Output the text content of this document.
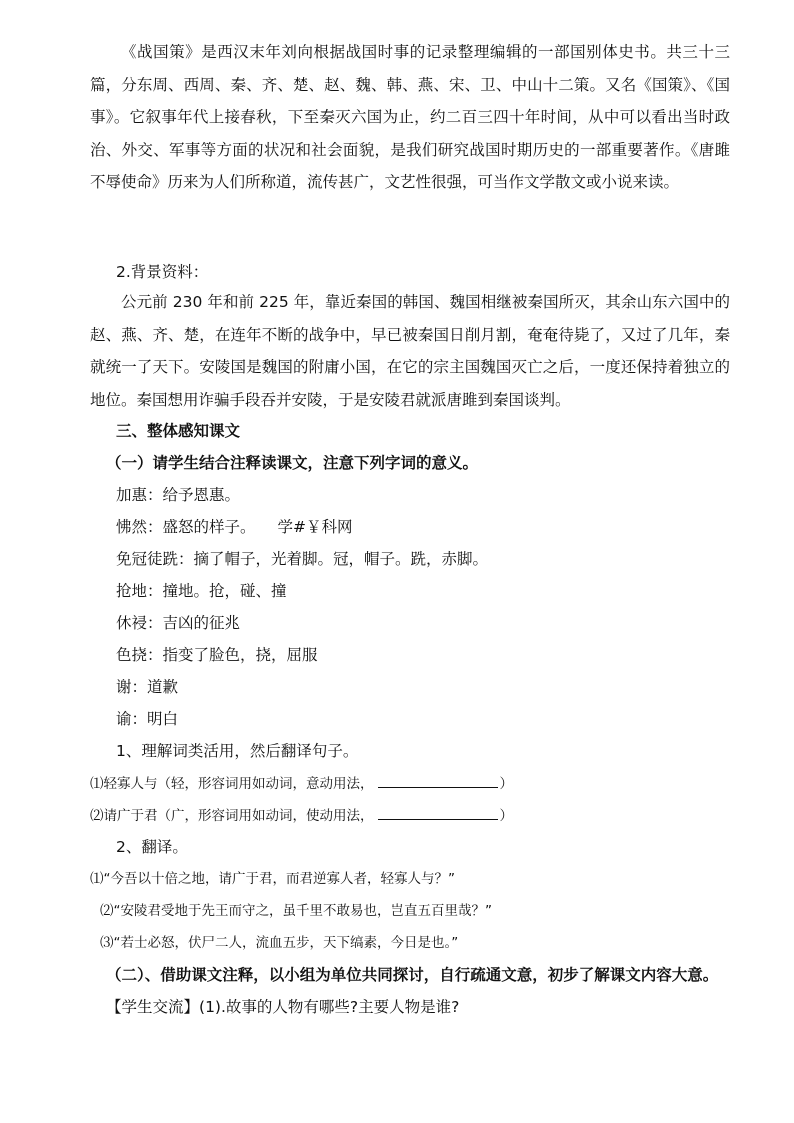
《战国策》是西汉末年刘向根据战国时事的记录整理编辑的一部国别体史书。共三十三篇，分东周、西周、秦、齐、楚、赵、魏、韩、燕、宋、卫、中山十二策。又名《国策》、《国事》。它叙事年代上接春秋，下至秦灭六国为止，约二百三四十年时间，从中可以看出当时政治、外交、军事等方面的状况和社会面貌，是我们研究战国时期历史的一部重要著作。《唐雎不辱使命》历来为人们所称道，流传甚广，文艺性很强，可当作文学散文或小说来读。

2.背景资料：

公元前 230 年和前 225 年，靠近秦国的韩国、魏国相继被秦国所灭，其余山东六国中的赵、燕、齐、楚，在连年不断的战争中，早已被秦国日削月割，奄奄待毙了，又过了几年，秦就统一了天下。安陵国是魏国的附庸小国，在它的宗主国魏国灭亡之后，一度还保持着独立的地位。秦国想用诈骗手段吞并安陵，于是安陵君就派唐雎到秦国谈判。

三、整体感知课文

（一）请学生结合注释读课文，注意下列字词的意义。

加惠：给予恩惠。

怫然：盛怒的样子。 学#￥科网

免冠徒跣：摘了帽子，光着脚。冠，帽子。跣，赤脚。

抢地：撞地。抢，碰、撞

休祲：吉凶的征兆

色挠：指变了脸色，挠，屈服

谢：道歉

谕：明白

1、理解词类活用，然后翻译句子。

⑴轻寡人与（轻，形容词用如动词，意动用法，	）

⑵请广于君（广，形容词用如动词，使动用法，	）

2、翻译。

⑴“今吾以十倍之地，请广于君，而君逆寡人者，轻寡人与？”

⑵“安陵君受地于先王而守之，虽千里不敢易也，岂直五百里哉？”

⑶“若士必怒，伏尸二人，流血五步，天下缟素，今日是也。”

（二）、借助课文注释，以小组为单位共同探讨，自行疏通文意，初步了解课文内容大意。

【学生交流】(1).故事的人物有哪些?主要人物是谁?
